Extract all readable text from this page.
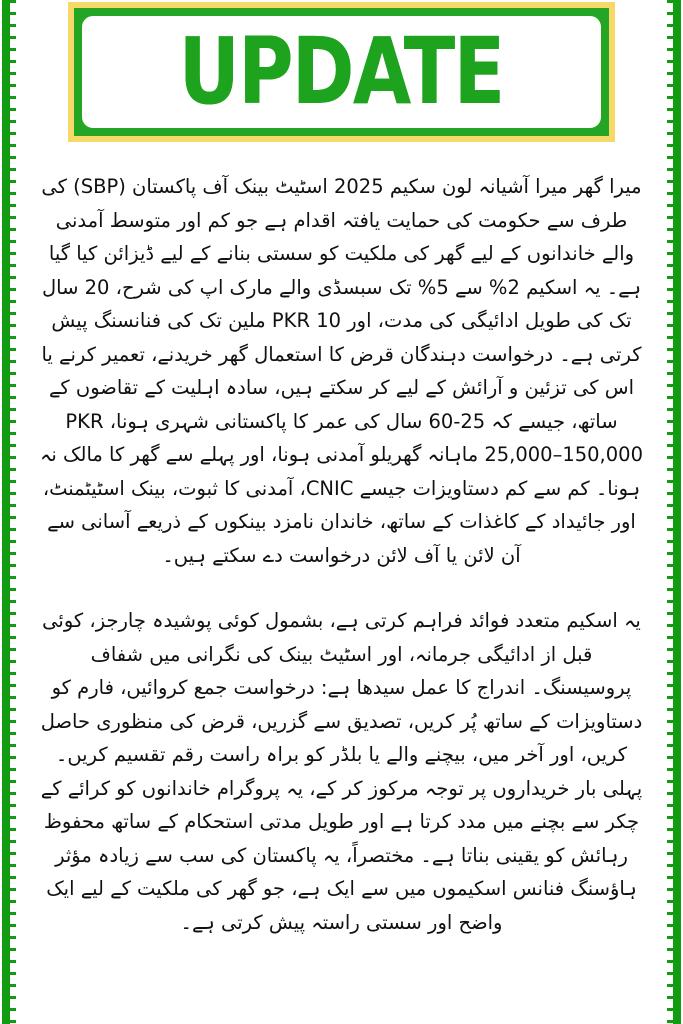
UPDATE

میرا گھر میرا آشیانہ لون سکیم 2025 اسٹیٹ بینک آف پاکستان (SBP) کی طرف سے حکومت کی حمایت یافتہ اقدام ہے جو کم اور متوسط آمدنی والے خاندانوں کے لیے گھر کی ملکیت کو سستی بنانے کے لیے ڈیزائن کیا گیا ہے۔ یہ اسکیم 2% سے 5% تک سبسڈی والے مارک اپ کی شرح، 20 سال تک کی طویل ادائیگی کی مدت، اور PKR 10 ملین تک کی فنانسنگ پیش کرتی ہے۔ درخواست دہندگان قرض کا استعمال گھر خریدنے، تعمیر کرنے یا اس کی تزئین و آرائش کے لیے کر سکتے ہیں، سادہ اہلیت کے تقاضوں کے ساتھ، جیسے کہ 25-60 سال کی عمر کا پاکستانی شہری ہونا، PKR 25,000–150,000 ماہانہ گھریلو آمدنی ہونا، اور پہلے سے گھر کا مالک نہ ہونا۔ کم سے کم دستاویزات جیسے CNIC، آمدنی کا ثبوت، بینک اسٹیٹمنٹ، اور جائیداد کے کاغذات کے ساتھ، خاندان نامزد بینکوں کے ذریعے آسانی سے آن لائن یا آف لائن درخواست دے سکتے ہیں۔

یہ اسکیم متعدد فوائد فراہم کرتی ہے، بشمول کوئی پوشیدہ چارجز، کوئی قبل از ادائیگی جرمانہ، اور اسٹیٹ بینک کی نگرانی میں شفاف پروسیسنگ۔ اندراج کا عمل سیدھا ہے: درخواست جمع کروائیں، فارم کو دستاویزات کے ساتھ پُر کریں، تصدیق سے گزریں، قرض کی منظوری حاصل کریں، اور آخر میں، بیچنے والے یا بلڈر کو براہ راست رقم تقسیم کریں۔ پہلی بار خریداروں پر توجہ مرکوز کر کے، یہ پروگرام خاندانوں کو کرائے کے چکر سے بچنے میں مدد کرتا ہے اور طویل مدتی استحکام کے ساتھ محفوظ رہائش کو یقینی بناتا ہے۔ مختصراً، یہ پاکستان کی سب سے زیادہ مؤثر ہاؤسنگ فنانس اسکیموں میں سے ایک ہے، جو گھر کی ملکیت کے لیے ایک واضح اور سستی راستہ پیش کرتی ہے۔
